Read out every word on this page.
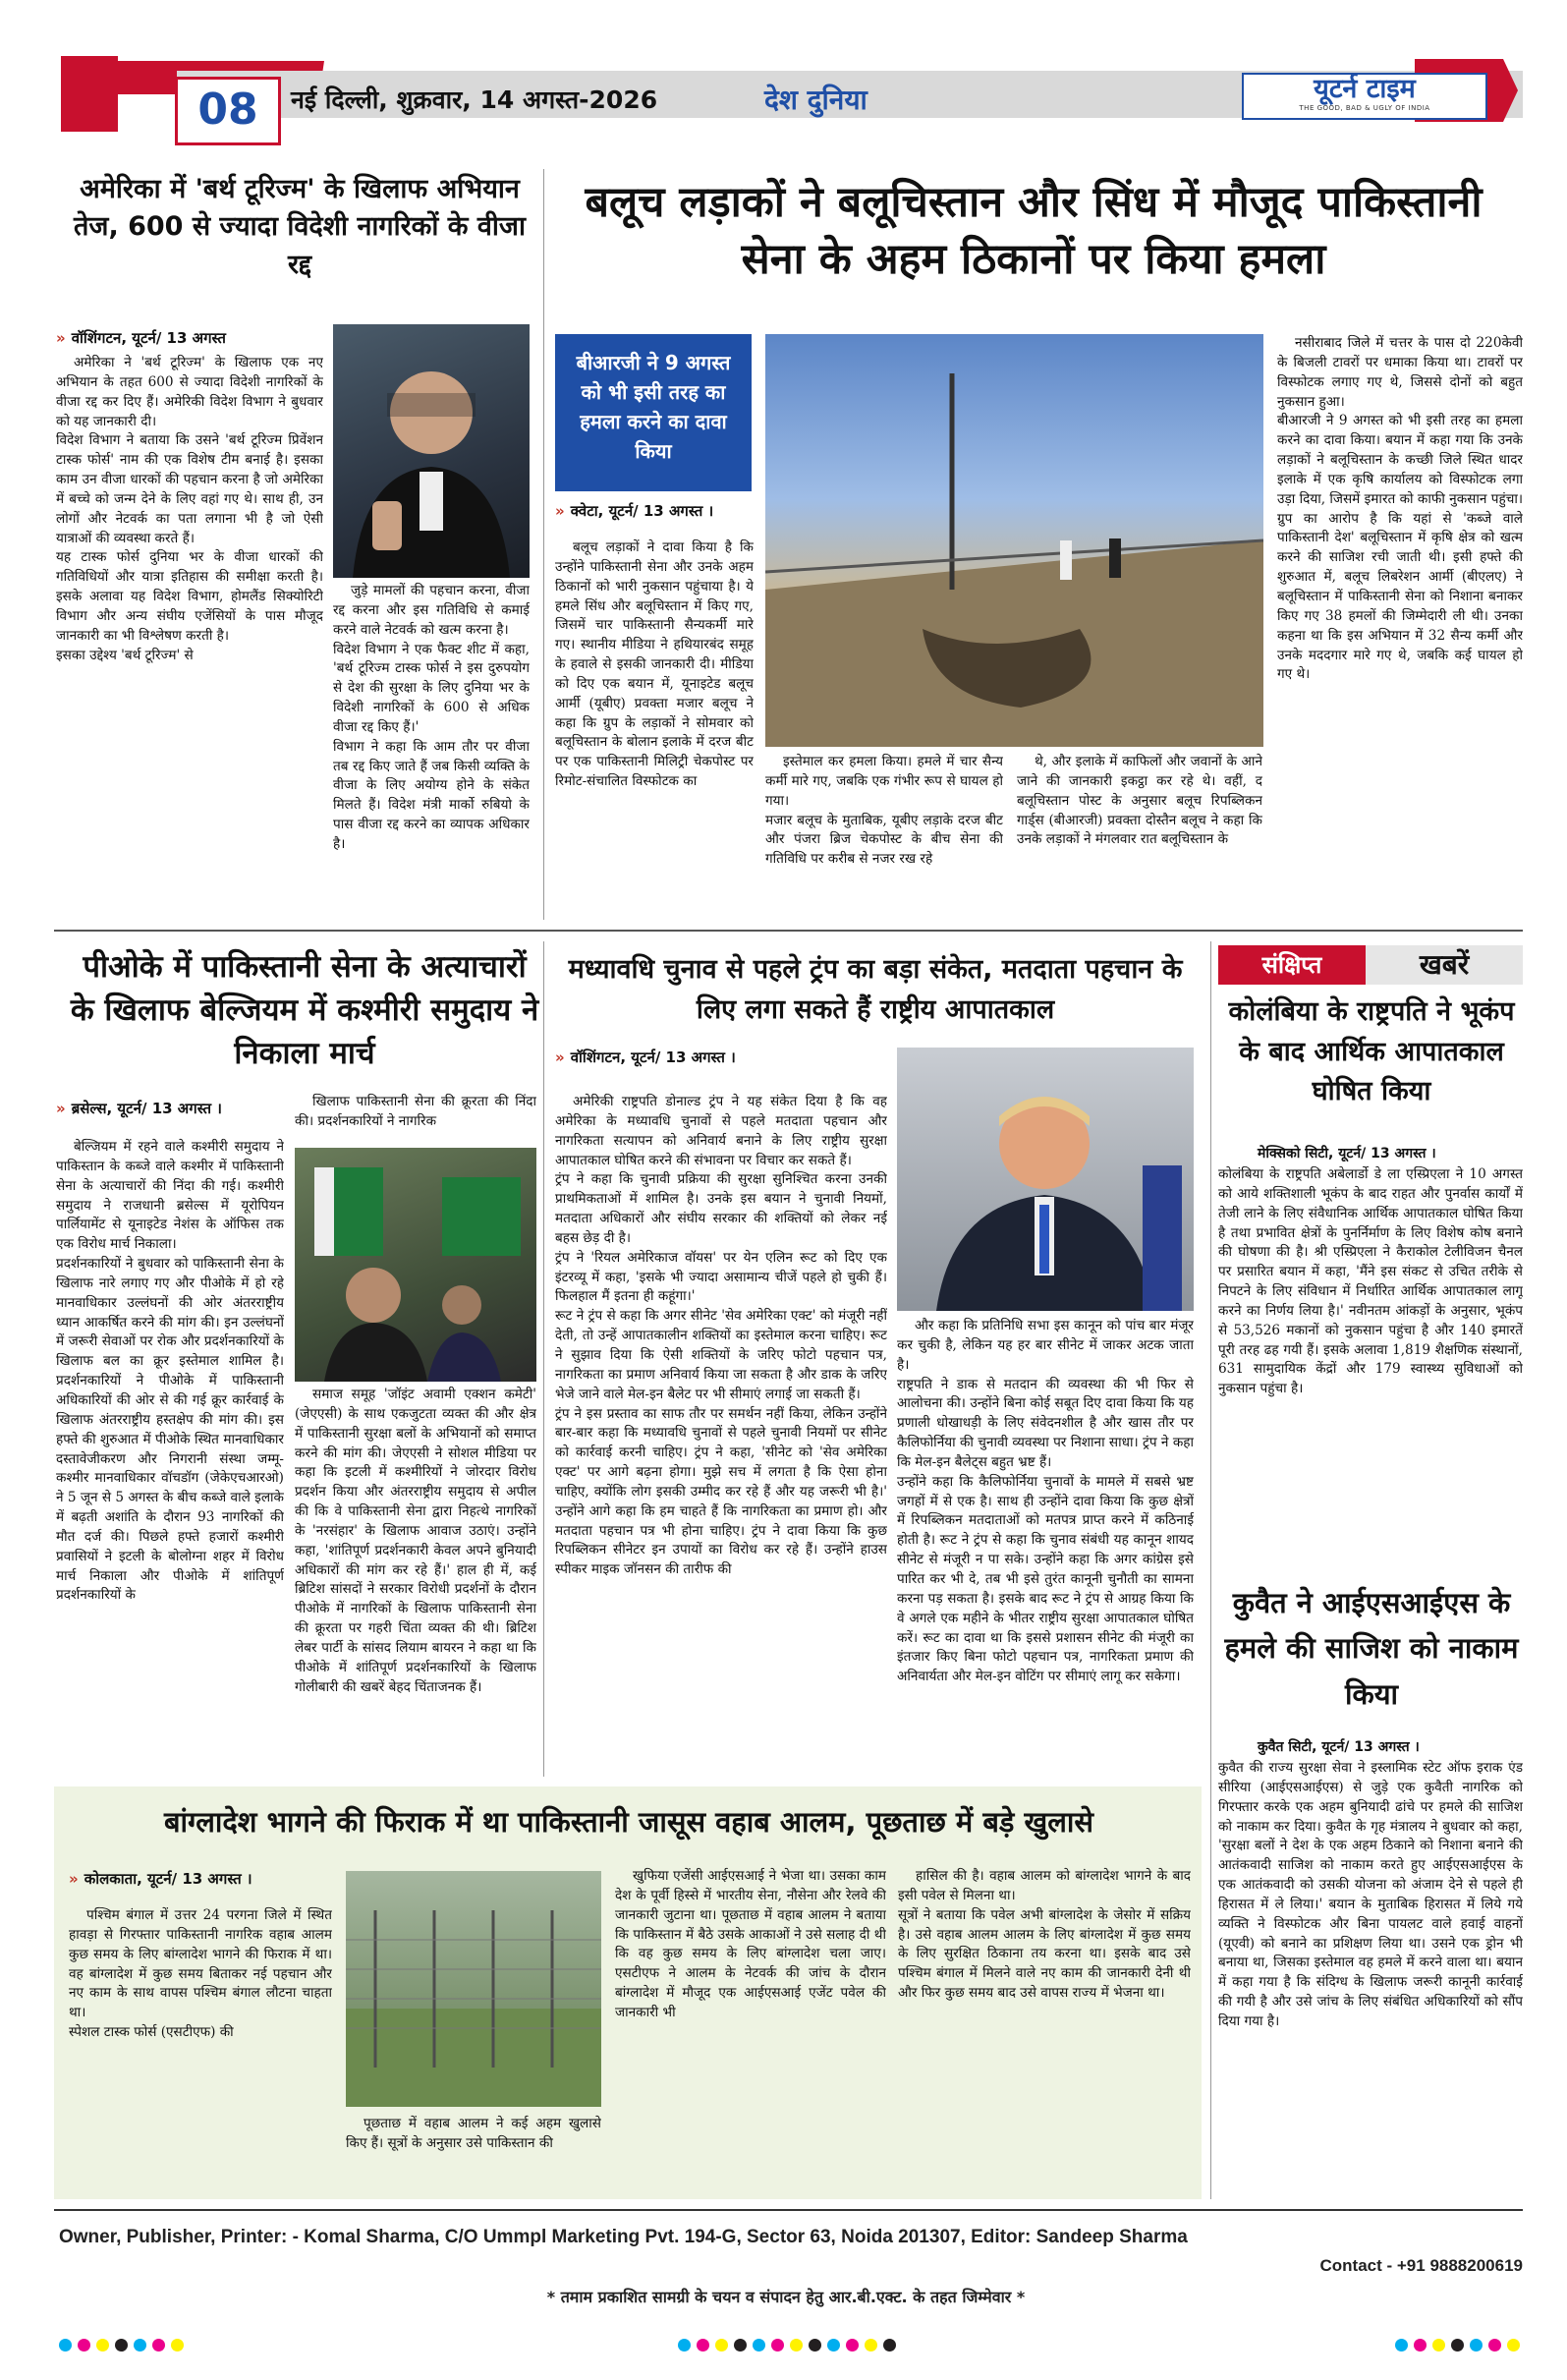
08	नई दिल्ली, शुक्रवार, 14 अगस्त-2026	देश दुनिया	यूटर्न टाइम
THE GOOD, BAD & UGLY OF INDIA
अमेरिका में 'बर्थ टूरिज्म' के खिलाफ अभियान तेज, 600 से ज्यादा विदेशी नागरिकों के वीजा रद्द
» वॉशिंगटन, यूटर्न/ 13 अगस्त

अमेरिका ने 'बर्थ टूरिज्म' के खिलाफ एक नए अभियान के तहत 600 से ज्यादा विदेशी नागरिकों के वीजा रद्द कर दिए हैं। अमेरिकी विदेश विभाग ने बुधवार को यह जानकारी दी।
विदेश विभाग ने बताया कि उसने 'बर्थ टूरिज्म प्रिवेंशन टास्क फोर्स' नाम की एक विशेष टीम बनाई है। इसका काम उन वीजा धारकों की पहचान करना है जो अमेरिका में बच्चे को जन्म देने के लिए वहां गए थे। साथ ही, उन लोगों और नेटवर्क का पता लगाना भी है जो ऐसी यात्राओं की व्यवस्था करते हैं।
यह टास्क फोर्स दुनिया भर के वीजा धारकों की गतिविधियों और यात्रा इतिहास की समीक्षा करती है। इसके अलावा यह विदेश विभाग, होमलैंड सिक्योरिटी विभाग और अन्य संघीय एजेंसियों के पास मौजूद जानकारी का भी विश्लेषण करती है।
इसका उद्देश्य 'बर्थ टूरिज्म' से

जुड़े मामलों की पहचान करना, वीजा रद्द करना और इस गतिविधि से कमाई करने वाले नेटवर्क को खत्म करना है।
विदेश विभाग ने एक फैक्ट शीट में कहा, 'बर्थ टूरिज्म टास्क फोर्स ने इस दुरुपयोग से देश की सुरक्षा के लिए दुनिया भर के विदेशी नागरिकों के 600 से अधिक वीजा रद्द किए हैं।'
विभाग ने कहा कि आम तौर पर वीजा तब रद्द किए जाते हैं जब किसी व्यक्ति के वीजा के लिए अयोग्य होने के संकेत मिलते हैं। विदेश मंत्री मार्को रुबियो के पास वीजा रद्द करने का व्यापक अधिकार है।

बलूच लड़ाकों ने बलूचिस्तान और सिंध में मौजूद पाकिस्तानी सेना के अहम ठिकानों पर किया हमला
बीआरजी ने 9 अगस्त को भी इसी तरह का हमला करने का दावा किया
» क्वेटा, यूटर्न/ 13 अगस्त ।

बलूच लड़ाकों ने दावा किया है कि उन्होंने पाकिस्तानी सेना और उनके अहम ठिकानों को भारी नुकसान पहुंचाया है। ये हमले सिंध और बलूचिस्तान में किए गए, जिसमें चार पाकिस्तानी सैन्यकर्मी मारे गए। स्थानीय मीडिया ने हथियारबंद समूह के हवाले से इसकी जानकारी दी। मीडिया को दिए एक बयान में, यूनाइटेड बलूच आर्मी (यूबीए) प्रवक्ता मजार बलूच ने कहा कि ग्रुप के लड़ाकों ने सोमवार को बलूचिस्तान के बोलान इलाके में दरज बीट पर एक पाकिस्तानी मिलिट्री चेकपोस्ट पर रिमोट-संचालित विस्फोटक का

इस्तेमाल कर हमला किया। हमले में चार सैन्य कर्मी मारे गए, जबकि एक गंभीर रूप से घायल हो गया।
मजार बलूच के मुताबिक, यूबीए लड़ाके दरज बीट और पंजरा ब्रिज चेकपोस्ट के बीच सेना की गतिविधि पर करीब से नजर रख रहे

थे, और इलाके में काफिलों और जवानों के आने जाने की जानकारी इकट्ठा कर रहे थे। वहीं, द बलूचिस्तान पोस्ट के अनुसार बलूच रिपब्लिकन गार्ड्स (बीआरजी) प्रवक्ता दोस्तैन बलूच ने कहा कि उनके लड़ाकों ने मंगलवार रात बलूचिस्तान के

नसीराबाद जिले में चत्तर के पास दो 220केवी के बिजली टावरों पर धमाका किया था। टावरों पर विस्फोटक लगाए गए थे, जिससे दोनों को बहुत नुकसान हुआ।
बीआरजी ने 9 अगस्त को भी इसी तरह का हमला करने का दावा किया। बयान में कहा गया कि उनके लड़ाकों ने बलूचिस्तान के कच्छी जिले स्थित धादर इलाके में एक कृषि कार्यालय को विस्फोटक लगा उड़ा दिया, जिसमें इमारत को काफी नुकसान पहुंचा। ग्रुप का आरोप है कि यहां से 'कब्जे वाले पाकिस्तानी देश' बलूचिस्तान में कृषि क्षेत्र को खत्म करने की साजिश रची जाती थी। इसी हफ्ते की शुरुआत में, बलूच लिबरेशन आर्मी (बीएलए) ने बलूचिस्तान में पाकिस्तानी सेना को निशाना बनाकर किए गए 38 हमलों की जिम्मेदारी ली थी। उनका कहना था कि इस अभियान में 32 सैन्य कर्मी और उनके मददगार मारे गए थे, जबकि कई घायल हो गए थे।

पीओके में पाकिस्तानी सेना के अत्याचारों के खिलाफ बेल्जियम में कश्मीरी समुदाय ने निकाला मार्च
» ब्रसेल्स, यूटर्न/ 13 अगस्त ।

बेल्जियम में रहने वाले कश्मीरी समुदाय ने पाकिस्तान के कब्जे वाले कश्मीर में पाकिस्तानी सेना के अत्याचारों की निंदा की गई। कश्मीरी समुदाय ने राजधानी ब्रसेल्स में यूरोपियन पार्लियामेंट से यूनाइटेड नेशंस के ऑफिस तक एक विरोध मार्च निकाला।
प्रदर्शनकारियों ने बुधवार को पाकिस्तानी सेना के खिलाफ नारे लगाए गए और पीओके में हो रहे मानवाधिकार उल्लंघनों की ओर अंतरराष्ट्रीय ध्यान आकर्षित करने की मांग की। इन उल्लंघनों में जरूरी सेवाओं पर रोक और प्रदर्शनकारियों के खिलाफ बल का क्रूर इस्तेमाल शामिल है। प्रदर्शनकारियों ने पीओके में पाकिस्तानी अधिकारियों की ओर से की गई क्रूर कार्रवाई के खिलाफ अंतरराष्ट्रीय हस्तक्षेप की मांग की। इस हफ्ते की शुरुआत में पीओके स्थित मानवाधिकार दस्तावेजीकरण और निगरानी संस्था जम्मू-कश्मीर मानवाधिकार वॉचडॉग (जेकेएचआरओ) ने 5 जून से 5 अगस्त के बीच कब्जे वाले इलाके में बढ़ती अशांति के दौरान 93 नागरिकों की मौत दर्ज की। पिछले हफ्ते हजारों कश्मीरी प्रवासियों ने इटली के बोलोग्ना शहर में विरोध मार्च निकाला और पीओके में शांतिपूर्ण प्रदर्शनकारियों के

खिलाफ पाकिस्तानी सेना की क्रूरता की निंदा की। प्रदर्शनकारियों ने नागरिक

समाज समूह 'जॉइंट अवामी एक्शन कमेटी' (जेएएसी) के साथ एकजुटता व्यक्त की और क्षेत्र में पाकिस्तानी सुरक्षा बलों के अभियानों को समाप्त करने की मांग की। जेएएसी ने सोशल मीडिया पर कहा कि इटली में कश्मीरियों ने जोरदार विरोध प्रदर्शन किया और अंतरराष्ट्रीय समुदाय से अपील की कि वे पाकिस्तानी सेना द्वारा निहत्थे नागरिकों के 'नरसंहार' के खिलाफ आवाज उठाएं। उन्होंने कहा, 'शांतिपूर्ण प्रदर्शनकारी केवल अपने बुनियादी अधिकारों की मांग कर रहे हैं।' हाल ही में, कई ब्रिटिश सांसदों ने सरकार विरोधी प्रदर्शनों के दौरान पीओके में नागरिकों के खिलाफ पाकिस्तानी सेना की क्रूरता पर गहरी चिंता व्यक्त की थी। ब्रिटिश लेबर पार्टी के सांसद लियाम बायरन ने कहा था कि पीओके में शांतिपूर्ण प्रदर्शनकारियों के खिलाफ गोलीबारी की खबरें बेहद चिंताजनक हैं।

मध्यावधि चुनाव से पहले ट्रंप का बड़ा संकेत, मतदाता पहचान के लिए लगा सकते हैं राष्ट्रीय आपातकाल
» वॉशिंगटन, यूटर्न/ 13 अगस्त ।

अमेरिकी राष्ट्रपति डोनाल्ड ट्रंप ने यह संकेत दिया है कि वह अमेरिका के मध्यावधि चुनावों से पहले मतदाता पहचान और नागरिकता सत्यापन को अनिवार्य बनाने के लिए राष्ट्रीय सुरक्षा आपातकाल घोषित करने की संभावना पर विचार कर सकते हैं।
ट्रंप ने कहा कि चुनावी प्रक्रिया की सुरक्षा सुनिश्चित करना उनकी प्राथमिकताओं में शामिल है। उनके इस बयान ने चुनावी नियमों, मतदाता अधिकारों और संघीय सरकार की शक्तियों को लेकर नई बहस छेड़ दी है।
ट्रंप ने 'रियल अमेरिकाज वॉयस' पर येन एलिन रूट को दिए एक इंटरव्यू में कहा, 'इसके भी ज्यादा असामान्य चीजें पहले हो चुकी हैं। फिलहाल मैं इतना ही कहूंगा।'
रूट ने ट्रंप से कहा कि अगर सीनेट 'सेव अमेरिका एक्ट' को मंजूरी नहीं देती, तो उन्हें आपातकालीन शक्तियों का इस्तेमाल करना चाहिए। रूट ने सुझाव दिया कि ऐसी शक्तियों के जरिए फोटो पहचान पत्र, नागरिकता का प्रमाण अनिवार्य किया जा सकता है और डाक के जरिए भेजे जाने वाले मेल-इन बैलेट पर भी सीमाएं लगाई जा सकती हैं।
ट्रंप ने इस प्रस्ताव का साफ तौर पर समर्थन नहीं किया, लेकिन उन्होंने बार-बार कहा कि मध्यावधि चुनावों से पहले चुनावी नियमों पर सीनेट को कार्रवाई करनी चाहिए। ट्रंप ने कहा, 'सीनेट को 'सेव अमेरिका एक्ट' पर आगे बढ़ना होगा। मुझे सच में लगता है कि ऐसा होना चाहिए, क्योंकि लोग इसकी उम्मीद कर रहे हैं और यह जरूरी भी है।' उन्होंने आगे कहा कि हम चाहते हैं कि नागरिकता का प्रमाण हो। और मतदाता पहचान पत्र भी होना चाहिए। ट्रंप ने दावा किया कि कुछ रिपब्लिकन सीनेटर इन उपायों का विरोध कर रहे हैं। उन्होंने हाउस स्पीकर माइक जॉनसन की तारीफ की

और कहा कि प्रतिनिधि सभा इस कानून को पांच बार मंजूर कर चुकी है, लेकिन यह हर बार सीनेट में जाकर अटक जाता है।
राष्ट्रपति ने डाक से मतदान की व्यवस्था की भी फिर से आलोचना की। उन्होंने बिना कोई सबूत दिए दावा किया कि यह प्रणाली धोखाधड़ी के लिए संवेदनशील है और खास तौर पर कैलिफोर्निया की चुनावी व्यवस्था पर निशाना साधा। ट्रंप ने कहा कि मेल-इन बैलेट्स बहुत भ्रष्ट हैं।
उन्होंने कहा कि कैलिफोर्निया चुनावों के मामले में सबसे भ्रष्ट जगहों में से एक है। साथ ही उन्होंने दावा किया कि कुछ क्षेत्रों में रिपब्लिकन मतदाताओं को मतपत्र प्राप्त करने में कठिनाई होती है। रूट ने ट्रंप से कहा कि चुनाव संबंधी यह कानून शायद सीनेट से मंजूरी न पा सके। उन्होंने कहा कि अगर कांग्रेस इसे पारित कर भी दे, तब भी इसे तुरंत कानूनी चुनौती का सामना करना पड़ सकता है। इसके बाद रूट ने ट्रंप से आग्रह किया कि वे अगले एक महीने के भीतर राष्ट्रीय सुरक्षा आपातकाल घोषित करें। रूट का दावा था कि इससे प्रशासन सीनेट की मंजूरी का इंतजार किए बिना फोटो पहचान पत्र, नागरिकता प्रमाण की अनिवार्यता और मेल-इन वोटिंग पर सीमाएं लागू कर सकेगा।

बांग्लादेश भागने की फिराक में था पाकिस्तानी जासूस वहाब आलम, पूछताछ में बड़े खुलासे
» कोलकाता, यूटर्न/ 13 अगस्त ।

पश्चिम बंगाल में उत्तर 24 परगना जिले में स्थित हावड़ा से गिरफ्तार पाकिस्तानी नागरिक वहाब आलम कुछ समय के लिए बांग्लादेश भागने की फिराक में था। वह बांग्लादेश में कुछ समय बिताकर नई पहचान और नए काम के साथ वापस पश्चिम बंगाल लौटना चाहता था।
स्पेशल टास्क फोर्स (एसटीएफ) की

पूछताछ में वहाब आलम ने कई अहम खुलासे किए हैं। सूत्रों के अनुसार उसे पाकिस्तान की

खुफिया एजेंसी आईएसआई ने भेजा था। उसका काम देश के पूर्वी हिस्से में भारतीय सेना, नौसेना और रेलवे की जानकारी जुटाना था। पूछताछ में वहाब आलम ने बताया कि पाकिस्तान में बैठे उसके आकाओं ने उसे सलाह दी थी कि वह कुछ समय के लिए बांग्लादेश चला जाए। एसटीएफ ने आलम के नेटवर्क की जांच के दौरान बांग्लादेश में मौजूद एक आईएसआई एजेंट पवेल की जानकारी भी

हासिल की है। वहाब आलम को बांग्लादेश भागने के बाद इसी पवेल से मिलना था।
सूत्रों ने बताया कि पवेल अभी बांग्लादेश के जेसोर में सक्रिय है। उसे वहाब आलम आलम के लिए बांग्लादेश में कुछ समय के लिए सुरक्षित ठिकाना तय करना था। इसके बाद उसे पश्चिम बंगाल में मिलने वाले नए काम की जानकारी देनी थी और फिर कुछ समय बाद उसे वापस राज्य में भेजना था।

संक्षिप्त	खबरें
कोलंबिया के राष्ट्रपति ने भूकंप के बाद आर्थिक आपातकाल घोषित किया
मेक्सिको सिटी, यूटर्न/ 13 अगस्त ।

कोलंबिया के राष्ट्रपति अबेलार्डो डे ला एस्प्रिएला ने 10 अगस्त को आये शक्तिशाली भूकंप के बाद राहत और पुनर्वास कार्यों में तेजी लाने के लिए संवैधानिक आर्थिक आपातकाल घोषित किया है तथा प्रभावित क्षेत्रों के पुनर्निर्माण के लिए विशेष कोष बनाने की घोषणा की है। श्री एस्प्रिएला ने कैराकोल टेलीविजन चैनल पर प्रसारित बयान में कहा, 'मैंने इस संकट से उचित तरीके से निपटने के लिए संविधान में निर्धारित आर्थिक आपातकाल लागू करने का निर्णय लिया है।' नवीनतम आंकड़ों के अनुसार, भूकंप से 53,526 मकानों को नुकसान पहुंचा है और 140 इमारतें पूरी तरह ढह गयी हैं। इसके अलावा 1,819 शैक्षणिक संस्थानों, 631 सामुदायिक केंद्रों और 179 स्वास्थ्य सुविधाओं को नुकसान पहुंचा है।

कुवैत ने आईएसआईएस के हमले की साजिश को नाकाम किया
कुवैत सिटी, यूटर्न/ 13 अगस्त ।

कुवैत की राज्य सुरक्षा सेवा ने इस्लामिक स्टेट ऑफ इराक एंड सीरिया (आईएसआईएस) से जुड़े एक कुवैती नागरिक को गिरफ्तार करके एक अहम बुनियादी ढांचे पर हमले की साजिश को नाकाम कर दिया। कुवैत के गृह मंत्रालय ने बुधवार को कहा, 'सुरक्षा बलों ने देश के एक अहम ठिकाने को निशाना बनाने की आतंकवादी साजिश को नाकाम करते हुए आईएसआईएस के एक आतंकवादी को उसकी योजना को अंजाम देने से पहले ही हिरासत में ले लिया।' बयान के मुताबिक हिरासत में लिये गये व्यक्ति ने विस्फोटक और बिना पायलट वाले हवाई वाहनों (यूएवी) को बनाने का प्रशिक्षण लिया था। उसने एक ड्रोन भी बनाया था, जिसका इस्तेमाल वह हमले में करने वाला था। बयान में कहा गया है कि संदिग्ध के खिलाफ जरूरी कानूनी कार्रवाई की गयी है और उसे जांच के लिए संबंधित अधिकारियों को सौंप दिया गया है।

Owner, Publisher, Printer: - Komal Sharma, C/O Ummpl Marketing Pvt. 194-G, Sector 63, Noida 201307, Editor: Sandeep Sharma
Contact - +91 9888200619
* तमाम प्रकाशित सामग्री के चयन व संपादन हेतु आर.बी.एक्ट. के तहत जिम्मेवार *
